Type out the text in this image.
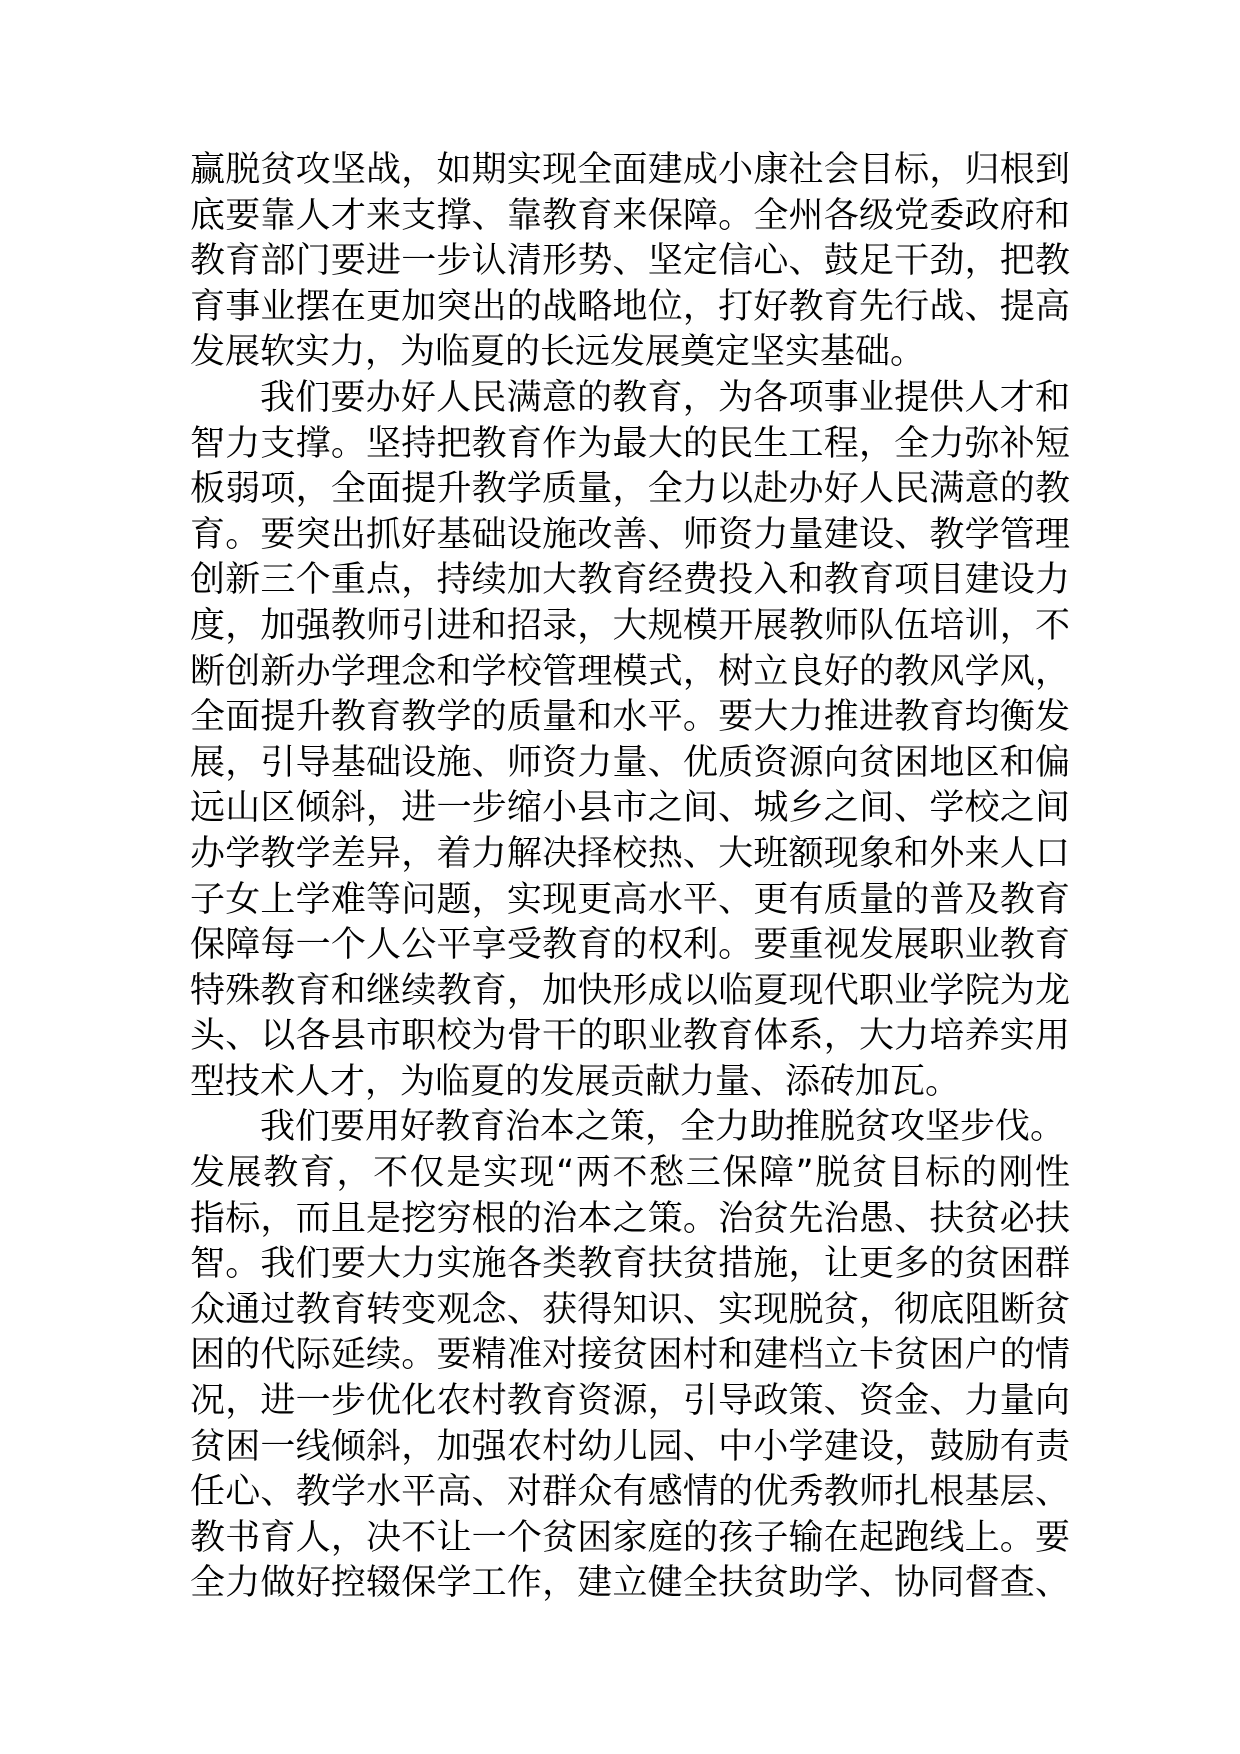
赢脱贫攻坚战，如期实现全面建成小康社会目标，归根到
底要靠人才来支撑、靠教育来保障。全州各级党委政府和
教育部门要进一步认清形势、坚定信心、鼓足干劲，把教
育事业摆在更加突出的战略地位，打好教育先行战、提高
发展软实力，为临夏的长远发展奠定坚实基础。
我们要办好人民满意的教育，为各项事业提供人才和
智力支撑。坚持把教育作为最大的民生工程，全力弥补短
板弱项，全面提升教学质量，全力以赴办好人民满意的教
育。要突出抓好基础设施改善、师资力量建设、教学管理
创新三个重点，持续加大教育经费投入和教育项目建设力
度，加强教师引进和招录，大规模开展教师队伍培训，不
断创新办学理念和学校管理模式，树立良好的教风学风，
全面提升教育教学的质量和水平。要大力推进教育均衡发
展，引导基础设施、师资力量、优质资源向贫困地区和偏
远山区倾斜，进一步缩小县市之间、城乡之间、学校之间
办学教学差异，着力解决择校热、大班额现象和外来人口
子女上学难等问题，实现更高水平、更有质量的普及教育
保障每一个人公平享受教育的权利。要重视发展职业教育
特殊教育和继续教育，加快形成以临夏现代职业学院为龙
头、以各县市职校为骨干的职业教育体系，大力培养实用
型技术人才，为临夏的发展贡献力量、添砖加瓦。
我们要用好教育治本之策，全力助推脱贫攻坚步伐。
发展教育，不仅是实现“两不愁三保障”脱贫目标的刚性
指标，而且是挖穷根的治本之策。治贫先治愚、扶贫必扶
智。我们要大力实施各类教育扶贫措施，让更多的贫困群
众通过教育转变观念、获得知识、实现脱贫，彻底阻断贫
困的代际延续。要精准对接贫困村和建档立卡贫困户的情
况，进一步优化农村教育资源，引导政策、资金、力量向
贫困一线倾斜，加强农村幼儿园、中小学建设，鼓励有责
任心、教学水平高、对群众有感情的优秀教师扎根基层、
教书育人，决不让一个贫困家庭的孩子输在起跑线上。要
全力做好控辍保学工作，建立健全扶贫助学、协同督查、
